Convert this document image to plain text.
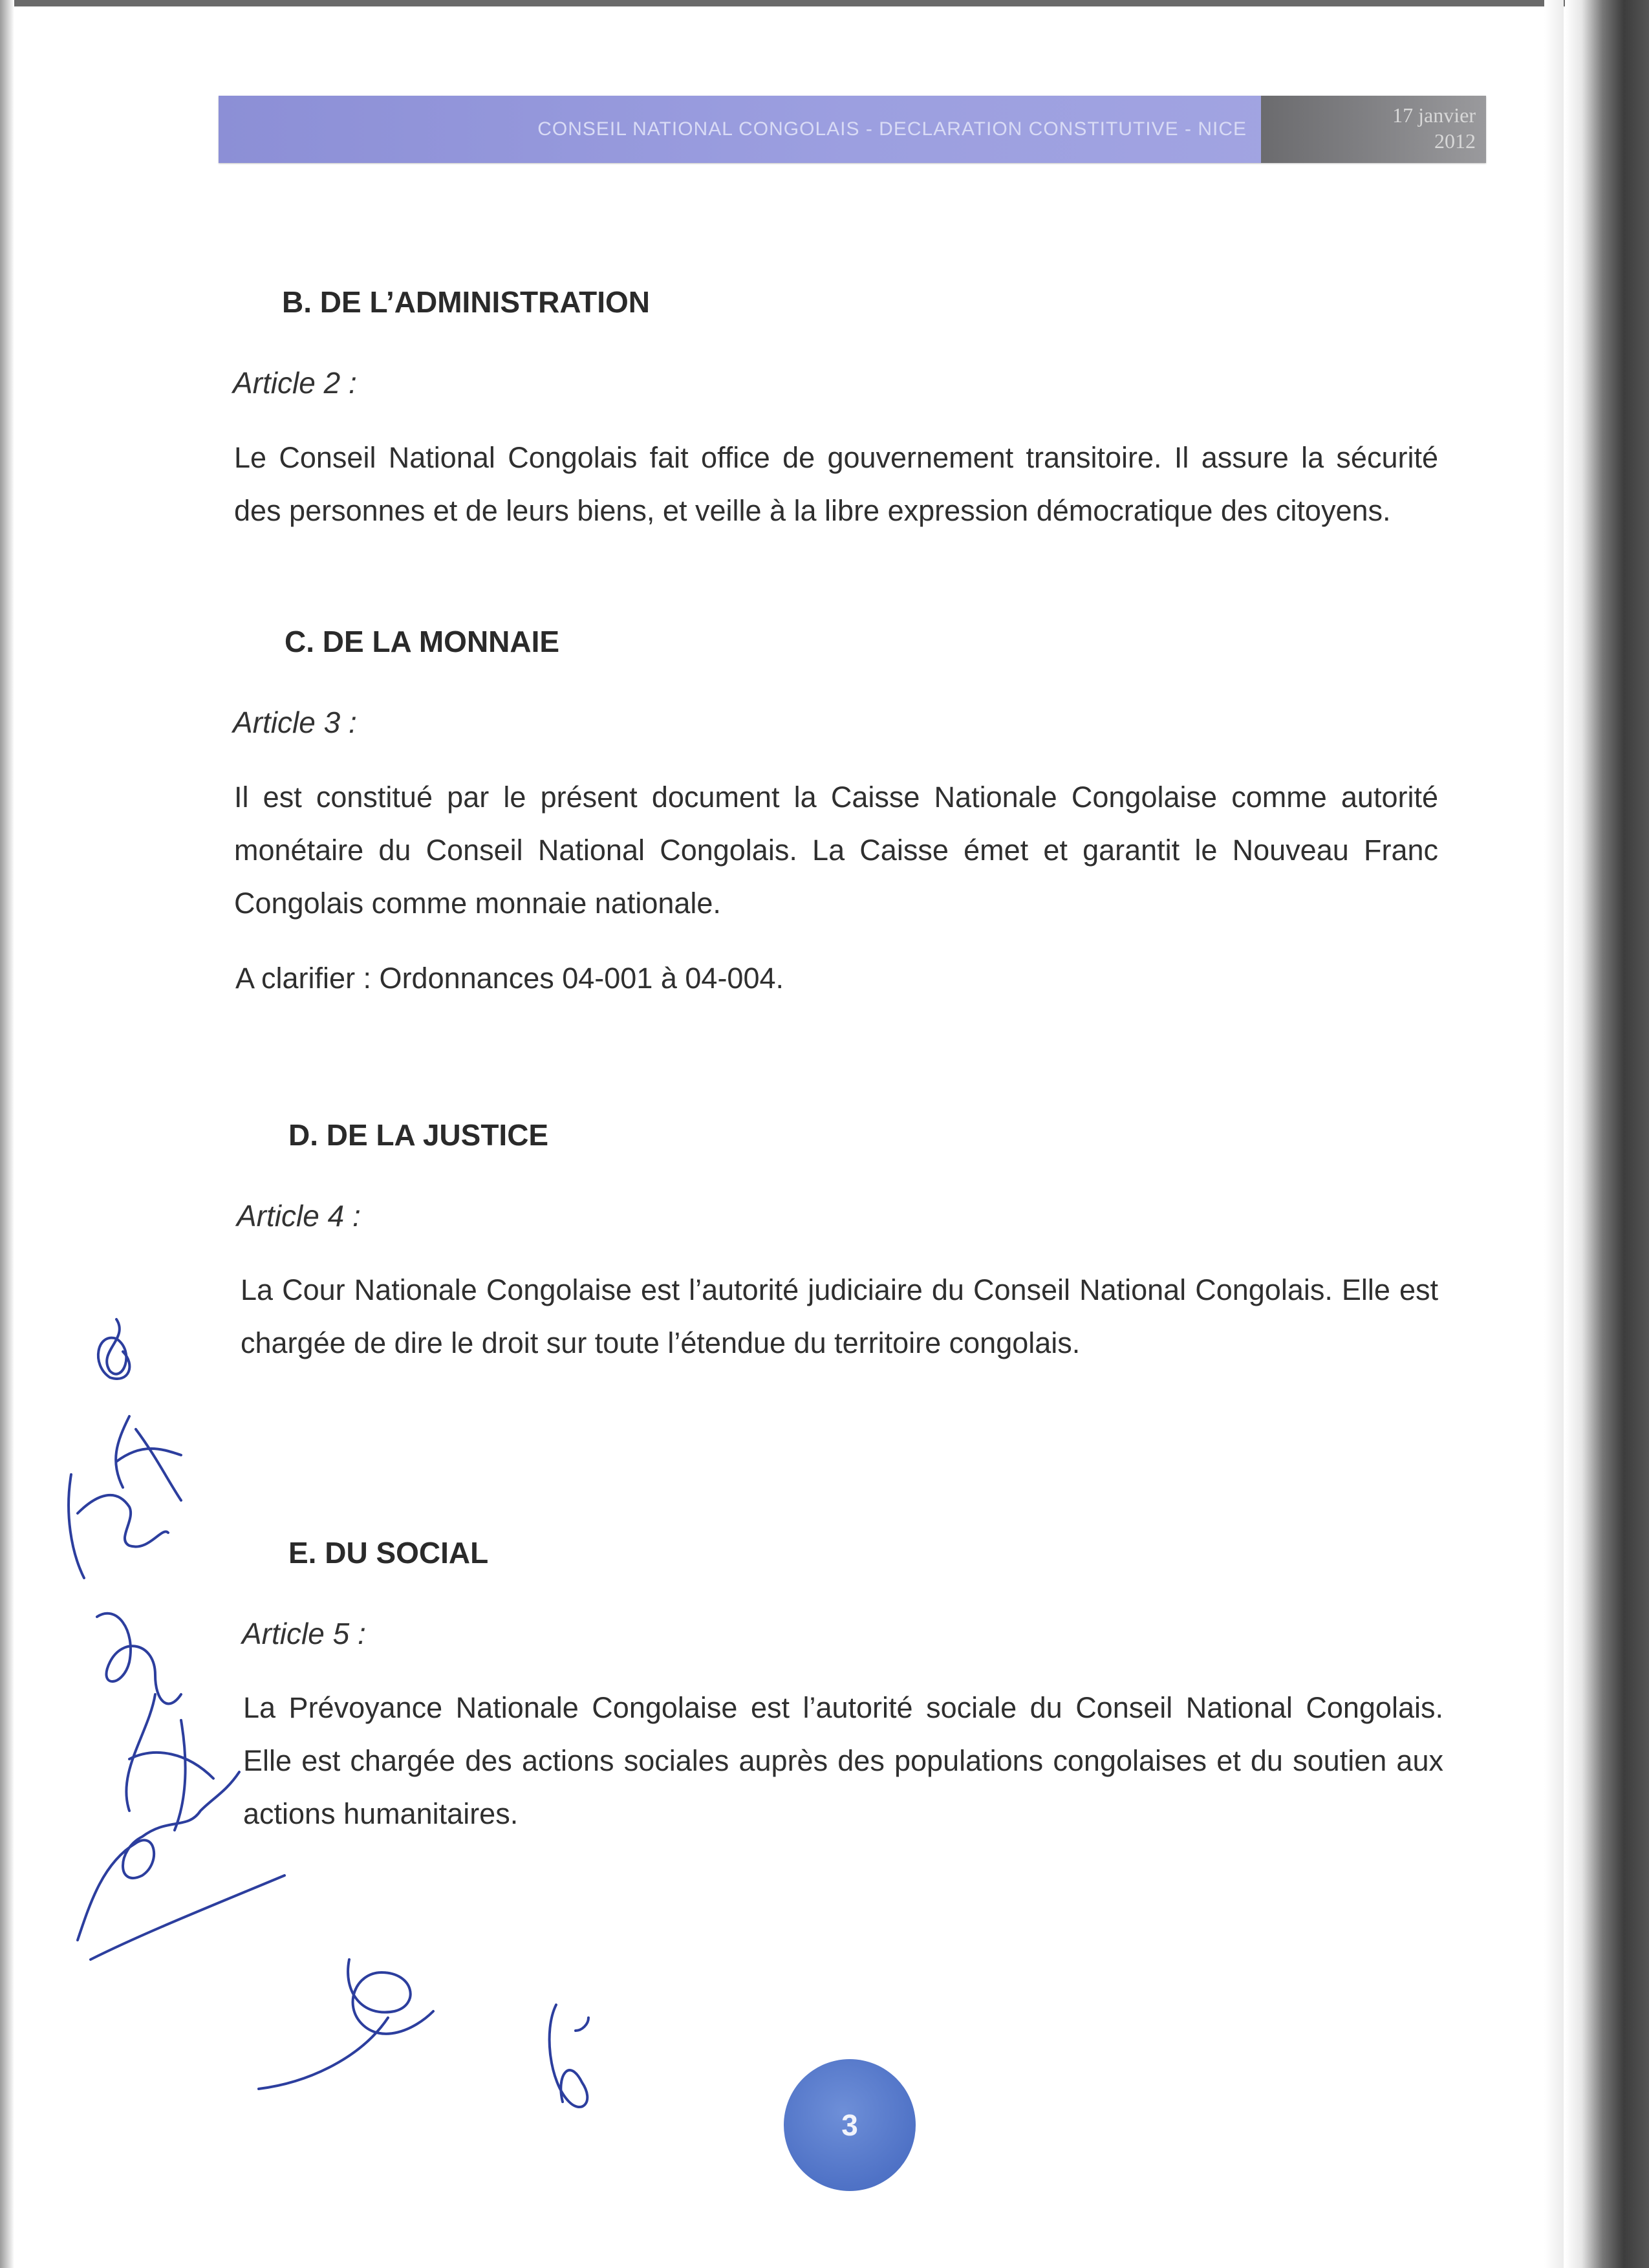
CONSEIL NATIONAL CONGOLAIS - DECLARATION CONSTITUTIVE - NICE
17 janvier
2012
B. DE L’ADMINISTRATION
Article 2 :
Le Conseil National Congolais fait office de gouvernement transitoire. Il assure la sécurité des personnes et de leurs biens, et veille à la libre expression démocratique des citoyens.
C. DE LA MONNAIE
Article 3 :
Il est constitué par le présent document la Caisse Nationale Congolaise comme autorité monétaire du Conseil National Congolais. La Caisse émet et garantit le Nouveau Franc Congolais comme monnaie nationale.
A clarifier : Ordonnances 04-001 à 04-004.
D. DE LA JUSTICE
Article 4 :
La Cour Nationale Congolaise est l’autorité judiciaire du Conseil National Congolais. Elle est chargée de dire le droit sur toute l’étendue du territoire congolais.
E. DU SOCIAL
Article 5 :
La Prévoyance Nationale Congolaise est l’autorité sociale du Conseil National Congolais. Elle est chargée des actions sociales auprès des populations congolaises et du soutien aux actions humanitaires.
3
